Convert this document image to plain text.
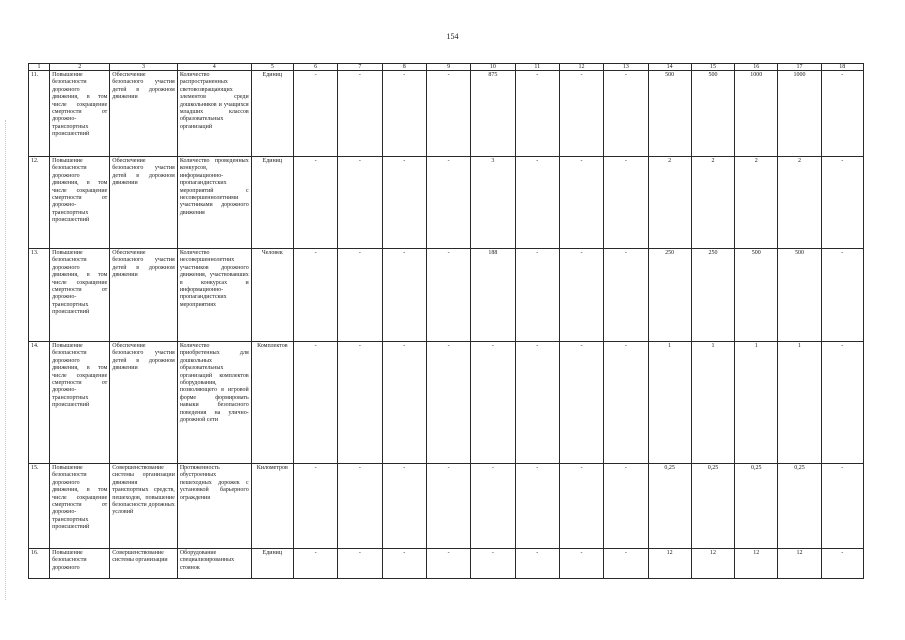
154
1	2	3	4	5	6	7	8	9	10	11	12	13	14	15	16	17	18
11.	Повышение безопасности дорожного движения, в том числе сокращение смертности от дорожно-транспортных происшествий	Обеспечение безопасного участия детей в дорожном движении	Количество распространенных световозвращающих элементов среди дошкольников и учащихся младших классов образовательных организаций	Единиц	-	-	-	-	875	-	-	-	500	500	1000	1000	-
12.	Повышение безопасности дорожного движения, в том числе сокращение смертности от дорожно-транспортных происшествий	Обеспечение безопасного участия детей в дорожном движении	Количество проведенных конкурсов, информационно-пропагандистских мероприятий с несовершеннолетними участниками дорожного движения	Единиц	-	-	-	-	3	-	-	-	2	2	2	2	-
13.	Повышение безопасности дорожного движения, в том числе сокращение смертности от дорожно-транспортных происшествий	Обеспечение безопасного участия детей в дорожном движении	Количество несовершеннолетних участников дорожного движения, участвовавших в конкурсах и информационно-пропагандистских мероприятиях	Человек	-	-	-	-	188	-	-	-	250	250	500	500	-
14.	Повышение безопасности дорожного движения, в том числе сокращение смертности от дорожно-транспортных происшествий	Обеспечение безопасного участия детей в дорожном движении	Количество приобретенных для дошкольных образовательных организаций комплектов оборудования, позволяющего в игровой форме формировать навыки безопасного поведения на улично-дорожной сети	Комплектов	-	-	-	-	-	-	-	-	1	1	1	1	-
15.	Повышение безопасности дорожного движения, в том числе сокращение смертности от дорожно-транспортных происшествий	Совершенствование системы организации движения транспортных средств, пешеходов, повышение безопасности дорожных условий	Протяженность обустроенных пешеходных дорожек с установкой барьерного ограждения	Километров	-	-	-	-	-	-	-	-	0,25	0,25	0,25	0,25	-
16.	Повышение безопасности дорожного	Совершенствование системы организации	Оборудование специализированных стоянок	Единиц	-	-	-	-	-	-	-	-	12	12	12	12	-
